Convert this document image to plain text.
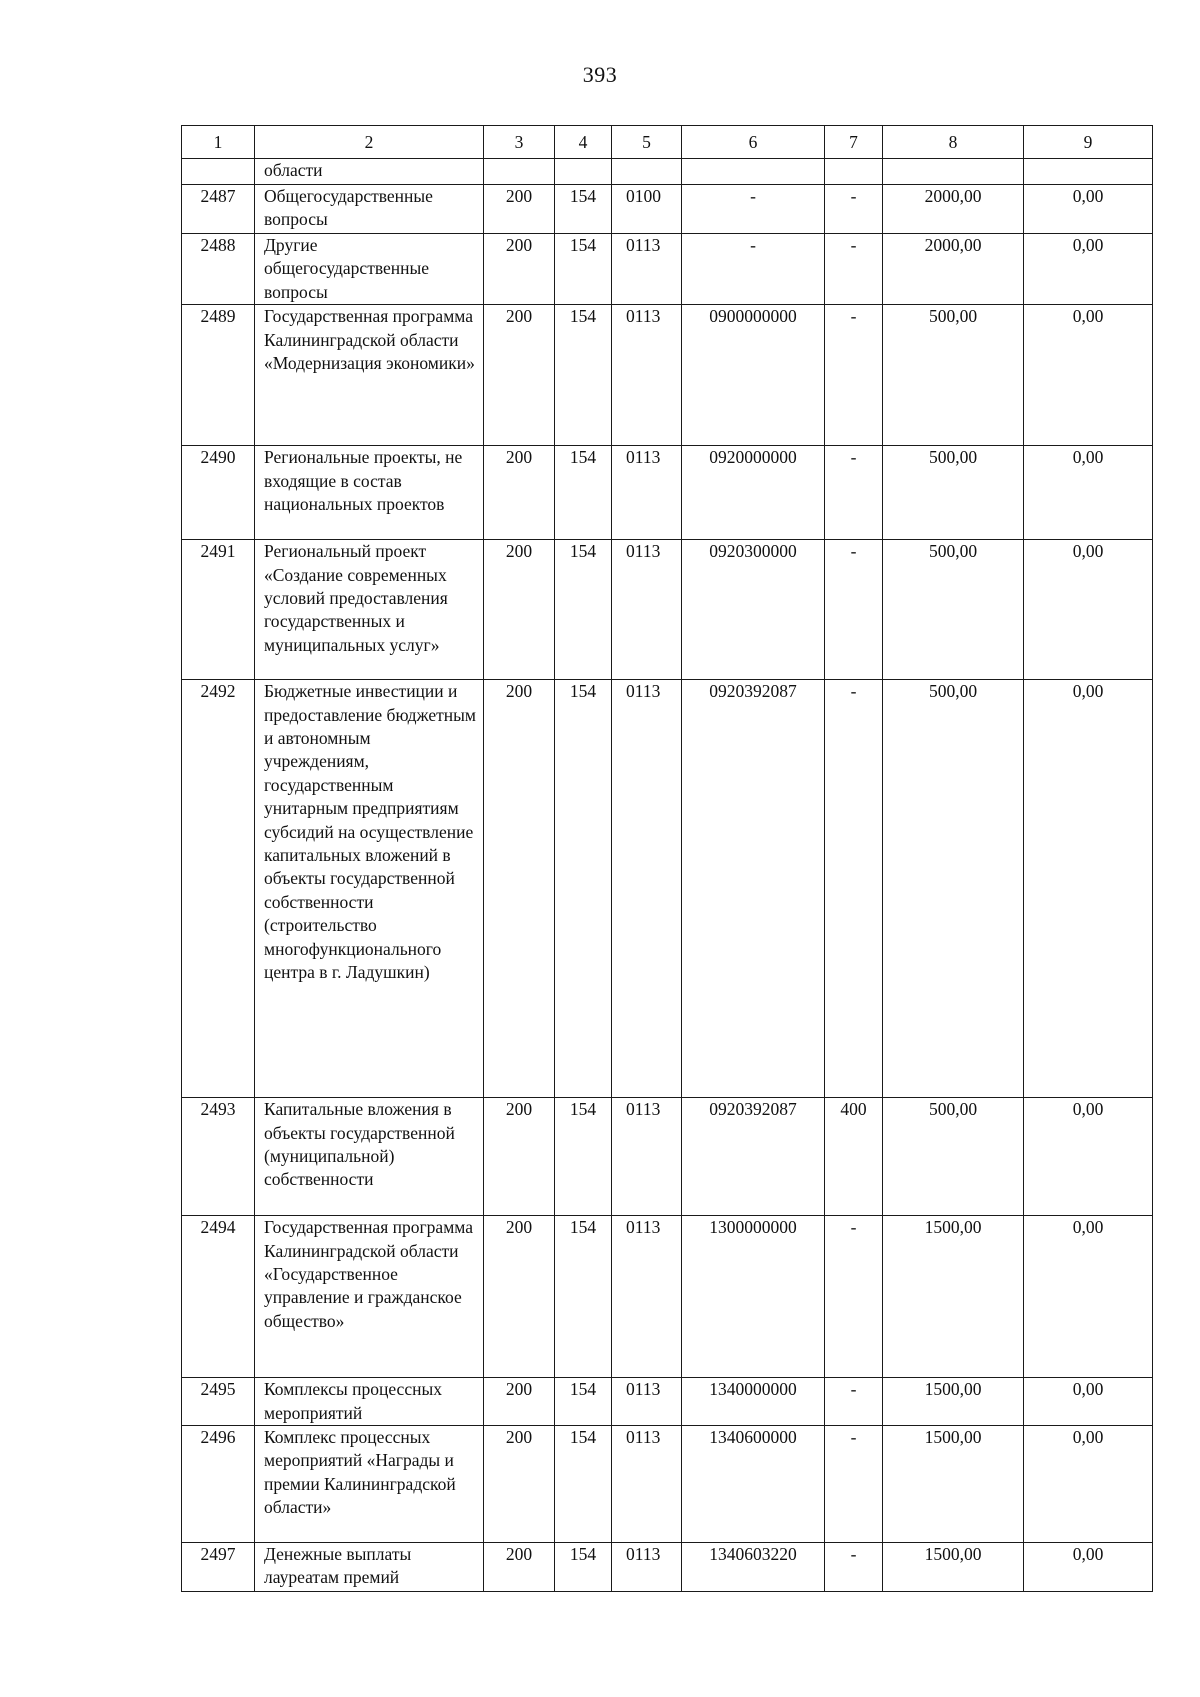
393
1	2	3	4	5	6	7	8	9
	области							
2487	Общегосударственные вопросы	200	154	0100	-	-	2000,00	0,00
2488	Другие общегосударственные вопросы	200	154	0113	-	-	2000,00	0,00
2489	Государственная программа Калининградской области «Модернизация экономики»	200	154	0113	0900000000	-	500,00	0,00
2490	Региональные проекты, не входящие в состав национальных проектов	200	154	0113	0920000000	-	500,00	0,00
2491	Региональный проект «Создание современных условий предоставления государственных и муниципальных услуг»	200	154	0113	0920300000	-	500,00	0,00
2492	Бюджетные инвестиции и предоставление бюджетным и автономным учреждениям, государственным унитарным предприятиям субсидий на осуществление капитальных вложений в объекты государственной собственности (строительство многофункционального центра в г. Ладушкин)	200	154	0113	0920392087	-	500,00	0,00
2493	Капитальные вложения в объекты государственной (муниципальной) собственности	200	154	0113	0920392087	400	500,00	0,00
2494	Государственная программа Калининградской области «Государственное управление и гражданское общество»	200	154	0113	1300000000	-	1500,00	0,00
2495	Комплексы процессных мероприятий	200	154	0113	1340000000	-	1500,00	0,00
2496	Комплекс процессных мероприятий «Награды и премии Калининградской области»	200	154	0113	1340600000	-	1500,00	0,00
2497	Денежные выплаты лауреатам премий	200	154	0113	1340603220	-	1500,00	0,00
